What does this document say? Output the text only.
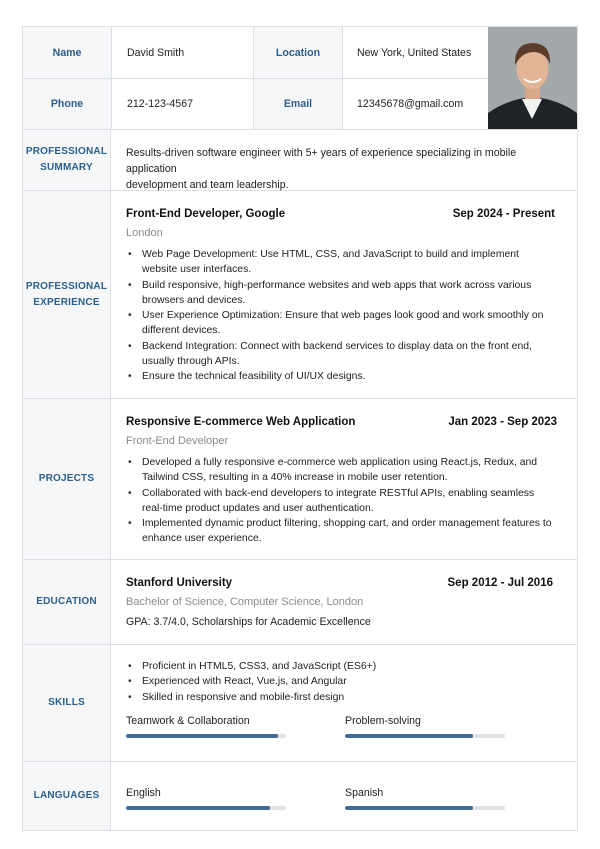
Name	David Smith	Location	New York, United States
Phone	212-123-4567	Email	12345678@gmail.com
PROFESSIONAL
SUMMARY
Results-driven software engineer with 5+ years of experience specializing in mobile application
development and team leadership.
PROFESSIONAL
EXPERIENCE
Front-End Developer, Google	Sep 2024 - Present
London
• Web Page Development: Use HTML, CSS, and JavaScript to build and implement website user interfaces.
• Build responsive, high-performance websites and web apps that work across various browsers and devices.
• User Experience Optimization: Ensure that web pages look good and work smoothly on different devices.
• Backend Integration: Connect with backend services to display data on the front end, usually through APIs.
• Ensure the technical feasibility of UI/UX designs.
PROJECTS
Responsive E-commerce Web Application	Jan 2023 - Sep 2023
Front-End Developer
• Developed a fully responsive e-commerce web application using React.js, Redux, and Tailwind CSS, resulting in a 40% increase in mobile user retention.
• Collaborated with back-end developers to integrate RESTful APIs, enabling seamless real-time product updates and user authentication.
• Implemented dynamic product filtering, shopping cart, and order management features to enhance user experience.
EDUCATION
Stanford University	Sep 2012 - Jul 2016
Bachelor of Science, Computer Science, London
GPA: 3.7/4.0, Scholarships for Academic Excellence
SKILLS
• Proficient in HTML5, CSS3, and JavaScript (ES6+)
• Experienced with React, Vue.js, and Angular
• Skilled in responsive and mobile-first design
Teamwork & Collaboration	Problem-solving
LANGUAGES	English	Spanish
